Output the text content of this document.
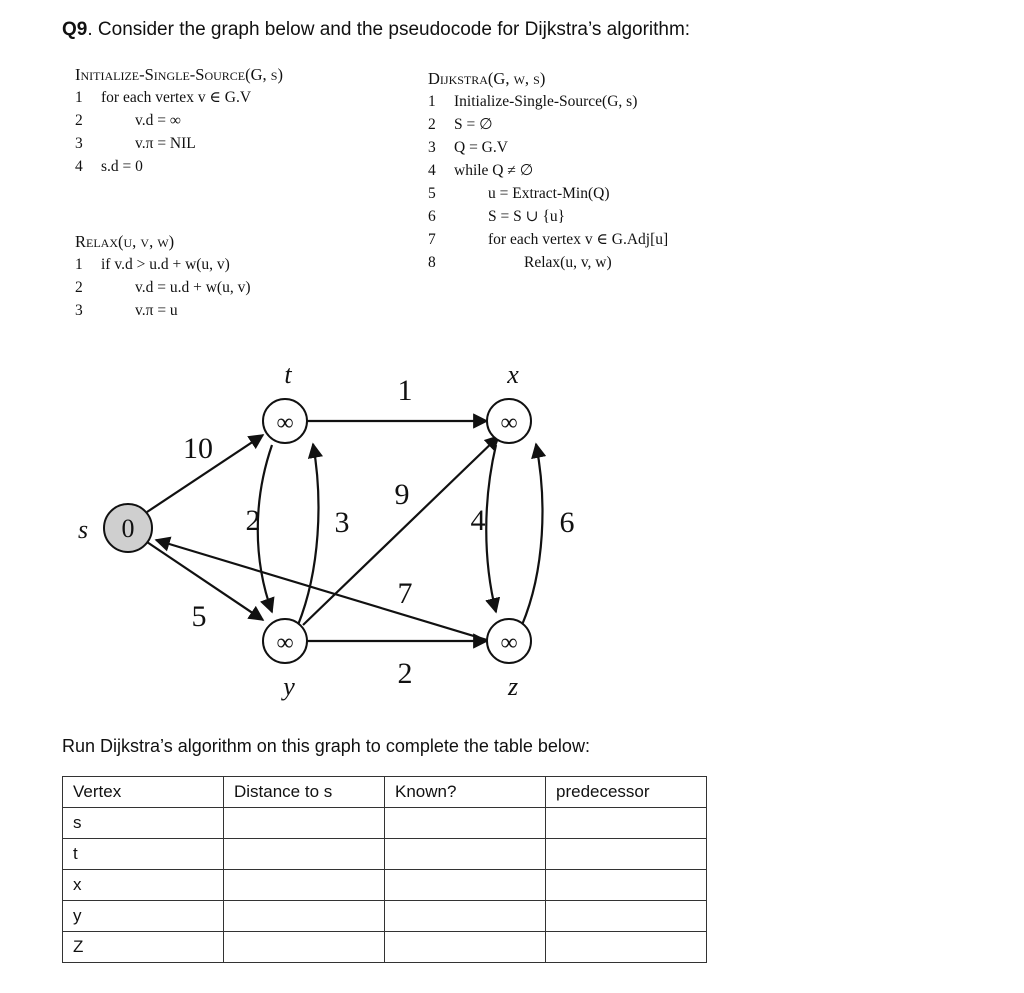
Q9. Consider the graph below and the pseudocode for Dijkstra’s algorithm:
Initialize-Single-Source(G, s)
1 for each vertex v ∈ G.V
2	v.d = ∞
3	v.π = NIL
4 s.d = 0
Relax(u, v, w)
1 if v.d > u.d + w(u, v)
2	v.d = u.d + w(u, v)
3	v.π = u
Dijkstra(G, w, s)
1 Initialize-Single-Source(G, s)
2 S = ∅
3 Q = G.V
4 while Q ≠ ∅
5	u = Extract-Min(Q)
6	S = S ∪ {u}
7	for each vertex v ∈ G.Adj[u]
8	Relax(u, v, w)
0
∞	∞
∞	∞
s
t	x
y	z
10
5
1
2 3
9
4 6
7
2
Run Dijkstra’s algorithm on this graph to complete the table below:
Vertex	Distance to s	Known?	predecessor
s			
t			
x			
y			
Z			
